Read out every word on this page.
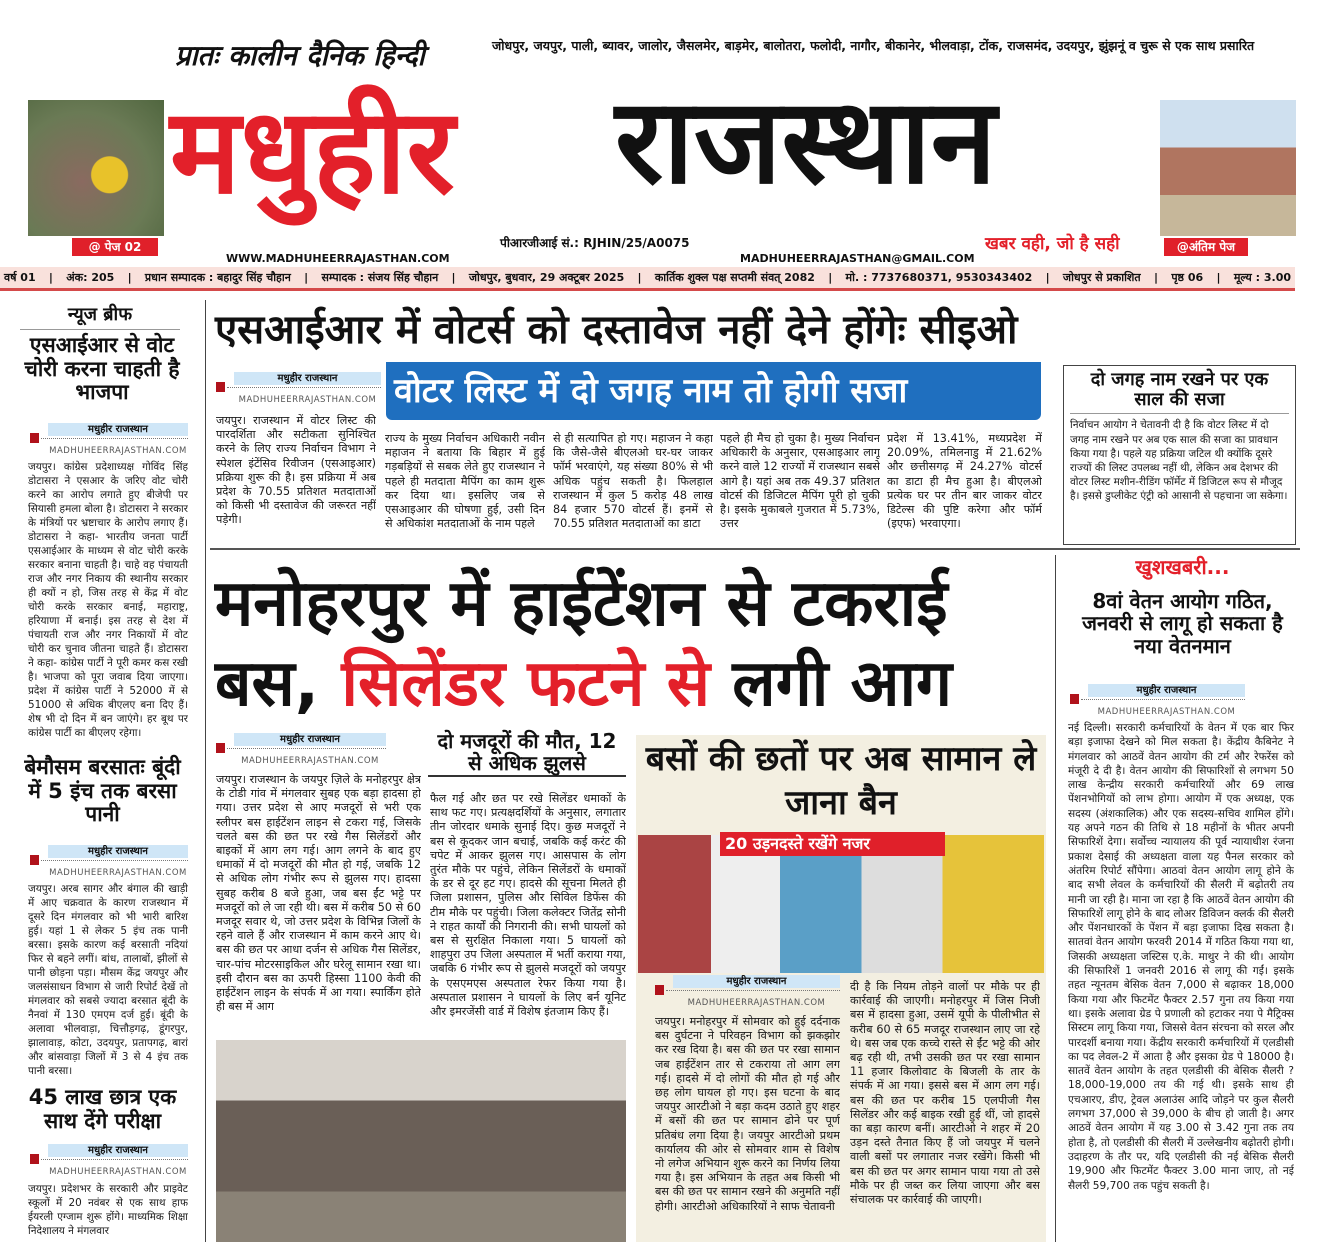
@ पेज 02
प्रातः कालीन दैनिक हिन्दी
मधुहीर राजस्थान
जोधपुर, जयपुर, पाली, ब्यावर, जालोर, जैसलमेर, बाड़मेर, बालोतरा, फलोदी, नागौर, बीकानेर, भीलवाड़ा, टोंक, राजसमंद, उदयपुर, झुंझनूं व चुरू से एक साथ प्रसारित
@अंतिम पेज
पीआरजीआई सं.: RJHIN/25/A0075
WWW.MADHUHEERRAJASTHAN.COM	MADHUHEERRAJASTHAN@GMAIL.COM
खबर वही, जो है सही
वर्ष 01 | अंक: 205 | प्रधान सम्पादक : बहादुर सिंह चौहान | सम्पादक : संजय सिंह चौहान | जोधपुर, बुधवार, 29 अक्टूबर 2025 | कार्तिक शुक्ल पक्ष सप्तमी संवत् 2082 | मो. : 7737680371, 9530343402 | जोधपुर से प्रकाशित | पृष्ठ 06 | मूल्य : 3.00
न्यूज ब्रीफ
एसआईआर से वोट चोरी करना चाहती है भाजपा
मधुहीर राजस्थान
MADHUHEERRAJASTHAN.COM
जयपुर। कांग्रेस प्रदेशाध्यक्ष गोविंद सिंह डोटासरा ने एसआर के जरिए वोट चोरी करने का आरोप लगाते हुए बीजेपी पर सियासी हमला बोला है। डोटासरा ने सरकार के मंत्रियों पर भ्रष्टाचार के आरोप लगाए हैं। डोटासरा ने कहा- भारतीय जनता पार्टी एसआईआर के माध्यम से वोट चोरी करके सरकार बनाना चाहती है। चाहे वह पंचायती राज और नगर निकाय की स्थानीय सरकार ही क्यों न हो, जिस तरह से केंद्र में वोट चोरी करके सरकार बनाई, महाराष्ट्र, हरियाणा में बनाई। इस तरह से देश में पंचायती राज और नगर निकायों में वोट चोरी कर चुनाव जीतना चाहते हैं। डोटासरा ने कहा- कांग्रेस पार्टी ने पूरी कमर कस रखी है। भाजपा को पूरा जवाब दिया जाएगा। प्रदेश में कांग्रेस पार्टी ने 52000 में से 51000 से अधिक बीएलए बना दिए हैं। शेष भी दो दिन में बन जाएंगे। हर बूथ पर कांग्रेस पार्टी का बीएलए रहेगा।
बेमौसम बरसातः बूंदी में 5 इंच तक बरसा पानी
मधुहीर राजस्थान
MADHUHEERRAJASTHAN.COM
जयपुर। अरब सागर और बंगाल की खाड़ी में आए चक्रवात के कारण राजस्थान में दूसरे दिन मंगलवार को भी भारी बारिश हुई। यहां 1 से लेकर 5 इंच तक पानी बरसा। इसके कारण कई बरसाती नदियां फिर से बहने लगीं। बांध, तालाबों, झीलों से पानी छोड़ना पड़ा। मौसम केंद्र जयपुर और जलसंसाधन विभाग से जारी रिपोर्ट देखें तो मंगलवार को सबसे ज्यादा बरसात बूंदी के नैनवां में 130 एमएम दर्ज हुई। बूंदी के अलावा भीलवाड़ा, चित्तौड़गढ़, डूंगरपुर, झालावाड़, कोटा, उदयपुर, प्रतापगढ़, बारां और बांसवाड़ा जिलों में 3 से 4 इंच तक पानी बरसा।
45 लाख छात्र एक साथ देंगे परीक्षा
मधुहीर राजस्थान
MADHUHEERRAJASTHAN.COM
जयपुर। प्रदेशभर के सरकारी और प्राइवेट स्कूलों में 20 नवंबर से एक साथ हाफ ईयरली एग्जाम शुरू होंगे। माध्यमिक शिक्षा निदेशालय ने मंगलवार
एसआईआर में वोटर्स को दस्तावेज नहीं देने होंगेः सीइओ
वोटर लिस्ट में दो जगह नाम तो होगी सजा
मधुहीर राजस्थान
MADHUHEERRAJASTHAN.COM
जयपुर। राजस्थान में वोटर लिस्ट की पारदर्शिता और सटीकता सुनिश्चित करने के लिए राज्य निर्वाचन विभाग ने स्पेशल इंटेंसिव रिवीजन (एसआइआर) प्रक्रिया शुरू की है। इस प्रक्रिया में अब प्रदेश के 70.55 प्रतिशत मतदाताओं को किसी भी दस्तावेज की जरूरत नहीं पड़ेगी।
राज्य के मुख्य निर्वाचन अधिकारी नवीन महाजन ने बताया कि बिहार में हुई गड़बड़ियों से सबक लेते हुए राजस्थान ने पहले ही मतदाता मैपिंग का काम शुरू कर दिया था। इसलिए जब से एसआइआर की घोषणा हुई, उसी दिन से अधिकांश मतदाताओं के नाम पहले
से ही सत्यापित हो गए। महाजन ने कहा कि जैसे-जैसे बीएलओ घर-घर जाकर फॉर्म भरवाएंगे, यह संख्या 80% से भी अधिक पहुंच सकती है। फिलहाल राजस्थान में कुल 5 करोड़ 48 लाख 84 हजार 570 वोटर्स हैं। इनमें से 70.55 प्रतिशत मतदाताओं का डाटा
पहले ही मैच हो चुका है। मुख्य निर्वाचन अधिकारी के अनुसार, एसआइआर लागू करने वाले 12 राज्यों में राजस्थान सबसे आगे है। यहां अब तक 49.37 प्रतिशत वोटर्स की डिजिटल मैपिंग पूरी हो चुकी है। इसके मुकाबले गुजरात में 5.73%, उत्तर
प्रदेश में 13.41%, मध्यप्रदेश में 20.09%, तमिलनाडु में 21.62% और छत्तीसगढ़ में 24.27% वोटर्स का डाटा ही मैच हुआ है। बीएलओ प्रत्येक घर पर तीन बार जाकर वोटर डिटेल्स की पुष्टि करेगा और फॉर्म (इएफ) भरवाएगा।
दो जगह नाम रखने पर एक साल की सजा
निर्वाचन आयोग ने चेतावनी दी है कि वोटर लिस्ट में दो जगह नाम रखने पर अब एक साल की सजा का प्रावधान किया गया है। पहले यह प्रक्रिया जटिल थी क्योंकि दूसरे राज्यों की लिस्ट उपलब्ध नहीं थी, लेकिन अब देशभर की वोटर लिस्ट मशीन-रीडिंग फॉर्मेट में डिजिटल रूप से मौजूद है। इससे डुप्लीकेट एंट्री को आसानी से पहचाना जा सकेगा।
मनोहरपुर में हाईटेंशन से टकराई
बस, सिलेंडर फटने से लगी आग
मधुहीर राजस्थान
MADHUHEERRAJASTHAN.COM
दो मजदूरों की मौत, 12 से अधिक झुलसे
जयपुर। राजस्थान के जयपुर ज़िले के मनोहरपुर क्षेत्र के टोडी गांव में मंगलवार सुबह एक बड़ा हादसा हो गया। उत्तर प्रदेश से आए मजदूरों से भरी एक स्लीपर बस हाईटेंशन लाइन से टकरा गई, जिसके चलते बस की छत पर रखे गैस सिलेंडरों और बाइकों में आग लग गई। आग लगने के बाद हुए धमाकों में दो मजदूरों की मौत हो गई, जबकि 12 से अधिक लोग गंभीर रूप से झुलस गए। हादसा सुबह करीब 8 बजे हुआ, जब बस ईंट भट्टे पर मजदूरों को ले जा रही थी। बस में करीब 50 से 60 मजदूर सवार थे, जो उत्तर प्रदेश के विभिन्न जिलों के रहने वाले हैं और राजस्थान में काम करने आए थे। बस की छत पर आधा दर्जन से अधिक गैस सिलेंडर, चार-पांच मोटरसाइकिल और घरेलू सामान रखा था। इसी दौरान बस का ऊपरी हिस्सा 1100 केवी की हाईटेंशन लाइन के संपर्क में आ गया। स्पार्किंग होते ही बस में आग
फैल गई और छत पर रखे सिलेंडर धमाकों के साथ फट गए। प्रत्यक्षदर्शियों के अनुसार, लगातार तीन जोरदार धमाके सुनाई दिए। कुछ मजदूरों ने बस से कूदकर जान बचाई, जबकि कई करंट की चपेट में आकर झुलस गए। आसपास के लोग तुरंत मौके पर पहुंचे, लेकिन सिलेंडरों के धमाकों के डर से दूर हट गए। हादसे की सूचना मिलते ही जिला प्रशासन, पुलिस और सिविल डिफेंस की टीम मौके पर पहुंची। जिला कलेक्टर जितेंद्र सोनी ने राहत कार्यों की निगरानी की। सभी घायलों को बस से सुरक्षित निकाला गया। 5 घायलों को शाहपुरा उप जिला अस्पताल में भर्ती कराया गया, जबकि 6 गंभीर रूप से झुलसे मजदूरों को जयपुर के एसएमएस अस्पताल रेफर किया गया है। अस्पताल प्रशासन ने घायलों के लिए बर्न यूनिट और इमरजेंसी वार्ड में विशेष इंतजाम किए हैं।
बसों की छतों पर अब सामान ले जाना बैन
20 उड़नदस्ते रखेंगे नजर
मधुहीर राजस्थान
MADHUHEERRAJASTHAN.COM
जयपुर। मनोहरपुर में सोमवार को हुई दर्दनाक बस दुर्घटना ने परिवहन विभाग को झकझोर कर रख दिया है। बस की छत पर रखा सामान जब हाईटेंशन तार से टकराया तो आग लग गई। हादसे में दो लोगों की मौत हो गई और छह लोग घायल हो गए। इस घटना के बाद जयपुर आरटीओ ने बड़ा कदम उठाते हुए शहर में बसों की छत पर सामान ढोने पर पूर्ण प्रतिबंध लगा दिया है। जयपुर आरटीओ प्रथम कार्यालय की ओर से सोमवार शाम से विशेष नो लगेज अभियान शुरू करने का निर्णय लिया गया है। इस अभियान के तहत अब किसी भी बस की छत पर सामान रखने की अनुमति नहीं होगी। आरटीओ अधिकारियों ने साफ चेतावनी
दी है कि नियम तोड़ने वालों पर मौके पर ही कार्रवाई की जाएगी। मनोहरपुर में जिस निजी बस में हादसा हुआ, उसमें यूपी के पीलीभीत से करीब 60 से 65 मजदूर राजस्थान लाए जा रहे थे। बस जब एक कच्चे रास्ते से ईंट भट्टे की ओर बढ़ रही थी, तभी उसकी छत पर रखा सामान 11 हजार किलोवाट के बिजली के तार के संपर्क में आ गया। इससे बस में आग लग गई। बस की छत पर करीब 15 एलपीजी गैस सिलेंडर और कई बाइक रखी हुई थीं, जो हादसे का बड़ा कारण बनीं। आरटीओ ने शहर में 20 उड़न दस्ते तैनात किए हैं जो जयपुर में चलने वाली बसों पर लगातार नजर रखेंगे। किसी भी बस की छत पर अगर सामान पाया गया तो उसे मौके पर ही जब्त कर लिया जाएगा और बस संचालक पर कार्रवाई की जाएगी।
खुशखबरी...
8वां वेतन आयोग गठित, जनवरी से लागू हो सकता है नया वेतनमान
मधुहीर राजस्थान
MADHUHEERRAJASTHAN.COM
नई दिल्ली। सरकारी कर्मचारियों के वेतन में एक बार फिर बड़ा इजाफा देखने को मिल सकता है। केंद्रीय कैबिनेट ने मंगलवार को आठवें वेतन आयोग की टर्म और रेफरेंस को मंजूरी दे दी है। वेतन आयोग की सिफारिशों से लगभग 50 लाख केन्द्रीय सरकारी कर्मचारियों और 69 लाख पेंशनभोगियों को लाभ होगा। आयोग में एक अध्यक्ष, एक सदस्य (अंशकालिक) और एक सदस्य-सचिव शामिल होंगे। यह अपने गठन की तिथि से 18 महीनों के भीतर अपनी सिफारिशें देगा। सर्वोच्च न्यायालय की पूर्व न्यायाधीश रंजना प्रकाश देसाई की अध्यक्षता वाला यह पैनल सरकार को अंतरिम रिपोर्ट सौंपेगा। आठवां वेतन आयोग लागू होने के बाद सभी लेवल के कर्मचारियों की सैलरी में बढ़ोतरी तय मानी जा रही है। माना जा रहा है कि आठवें वेतन आयोग की सिफारिशें लागू होने के बाद लोअर डिविजन क्लर्क की सैलरी और पेंशनधारकों के पेंशन में बड़ा इजाफा दिख सकता है। सातवां वेतन आयोग फरवरी 2014 में गठित किया गया था, जिसकी अध्यक्षता जस्टिस ए.के. माथुर ने की थी। आयोग की सिफारिशें 1 जनवरी 2016 से लागू की गईं। इसके तहत न्यूनतम बेसिक वेतन 7,000 से बढ़ाकर 18,000 किया गया और फिटमेंट फैक्टर 2.57 गुना तय किया गया था। इसके अलावा ग्रेड पे प्रणाली को हटाकर नया पे मैट्रिक्स सिस्टम लागू किया गया, जिससे वेतन संरचना को सरल और पारदर्शी बनाया गया। केंद्रीय सरकारी कर्मचारियों में एलडीसी का पद लेवल-2 में आता है और इसका ग्रेड पे 18000 है। सातवें वेतन आयोग के तहत एलडीसी की बेसिक सैलरी ?18,000-19,000 तय की गई थी। इसके साथ ही एचआरए, डीए, ट्रेवल अलाउंस आदि जोड़ने पर कुल सैलरी लगभग 37,000 से 39,000 के बीच हो जाती है। अगर आठवें वेतन आयोग में यह 3.00 से 3.42 गुना तक तय होता है, तो एलडीसी की सैलरी में उल्लेखनीय बढ़ोतरी होगी। उदाहरण के तौर पर, यदि एलडीसी की नई बेसिक सैलरी 19,900 और फिटमेंट फैक्टर 3.00 माना जाए, तो नई सैलरी 59,700 तक पहुंच सकती है।
